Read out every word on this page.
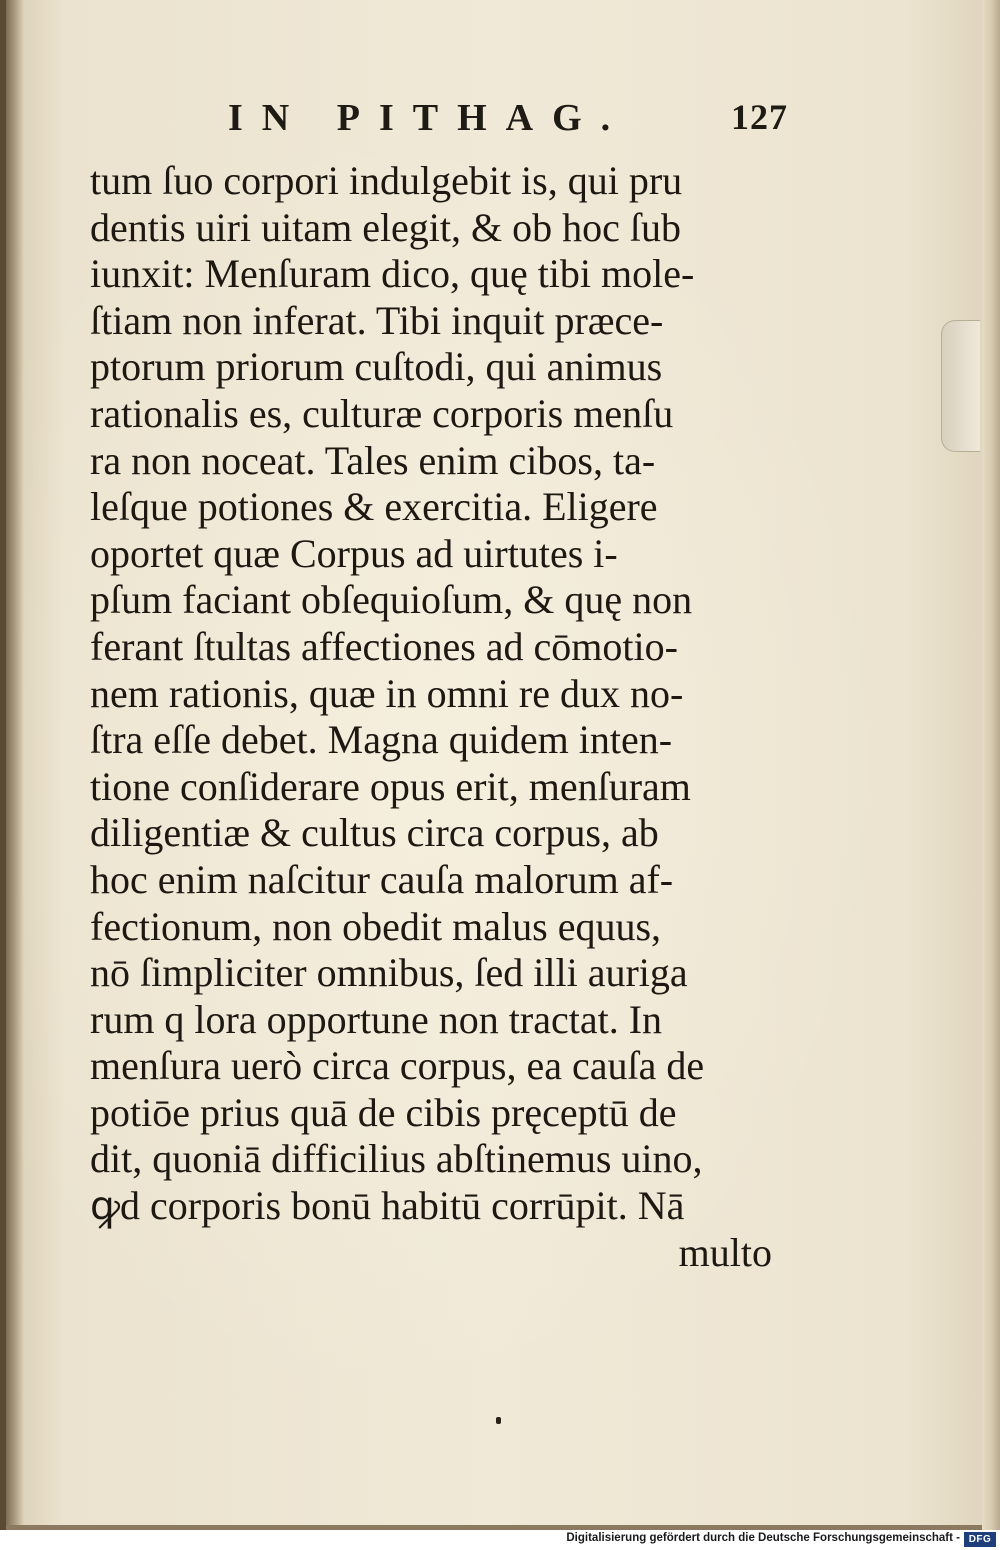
IN PITHAG.	127
tum ſuo corpori indulgebit is, qui pru
dentis uiri uitam elegit, & ob hoc ſub
iunxit: Menſuram dico, quę tibi mole-
ſtiam non inferat. Tibi inquit præce-
ptorum priorum cuſtodi, qui animus
rationalis es, culturæ corporis menſu
ra non noceat. Tales enim cibos, ta-
leſque potiones & exercitia. Eligere
oportet quæ Corpus ad uirtutes i-
pſum faciant obſequioſum, & quę non
ferant ſtultas affectiones ad cōmotio-
nem rationis, quæ in omni re dux no-
ſtra eſſe debet. Magna quidem inten-
tione conſiderare opus erit, menſuram
diligentiæ & cultus circa corpus, ab
hoc enim naſcitur cauſa malorum af-
fectionum, non obedit malus equus,
nō ſimpliciter omnibus, ſed illi auriga
rum q lora opportune non tractat. In
menſura uerò circa corpus, ea cauſa de
potiōe prius quā de cibis pręceptū de
dit, quoniā difficilius abſtinemus uino,
ꝙd corporis bonū habitū corrūpit. Nā
multo
Digitalisierung gefördert durch die Deutsche Forschungsgemeinschaft - DFG
